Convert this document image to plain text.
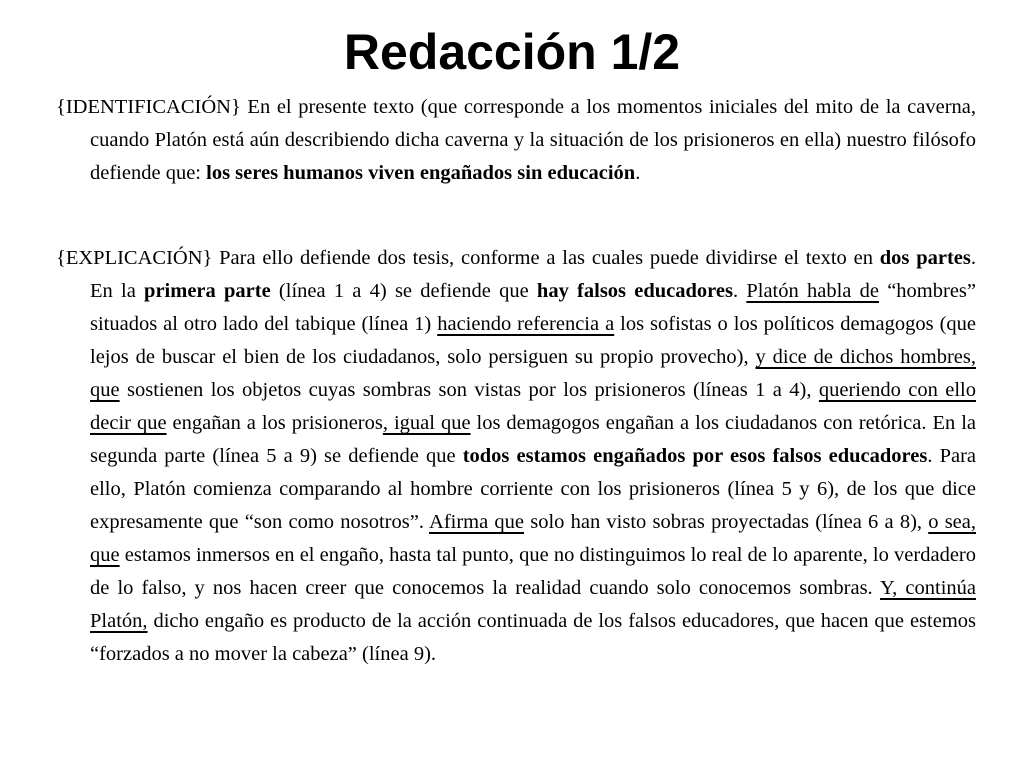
Redacción 1/2

{IDENTIFICACIÓN} En el presente texto (que corresponde a los momentos iniciales del mito de la caverna, cuando Platón está aún describiendo dicha caverna y la situación de los prisioneros en ella) nuestro filósofo defiende que: los seres humanos viven engañados sin educación.

{EXPLICACIÓN} Para ello defiende dos tesis, conforme a las cuales puede dividirse el texto en dos partes. En la primera parte (línea 1 a 4) se defiende que hay falsos educadores. Platón habla de “hombres” situados al otro lado del tabique (línea 1) haciendo referencia a los sofistas o los políticos demagogos (que lejos de buscar el bien de los ciudadanos, solo persiguen su propio provecho), y dice de dichos hombres, que sostienen los objetos cuyas sombras son vistas por los prisioneros (líneas 1 a 4), queriendo con ello decir que engañan a los prisioneros, igual que los demagogos engañan a los ciudadanos con retórica. En la segunda parte (línea 5 a 9) se defiende que todos estamos engañados por esos falsos educadores. Para ello, Platón comienza comparando al hombre corriente con los prisioneros (línea 5 y 6), de los que dice expresamente que “son como nosotros”. Afirma que solo han visto sobras proyectadas (línea 6 a 8), o sea, que estamos inmersos en el engaño, hasta tal punto, que no distinguimos lo real de lo aparente, lo verdadero de lo falso, y nos hacen creer que conocemos la realidad cuando solo conocemos sombras. Y, continúa Platón, dicho engaño es producto de la acción continuada de los falsos educadores, que hacen que estemos “forzados a no mover la cabeza” (línea 9).
